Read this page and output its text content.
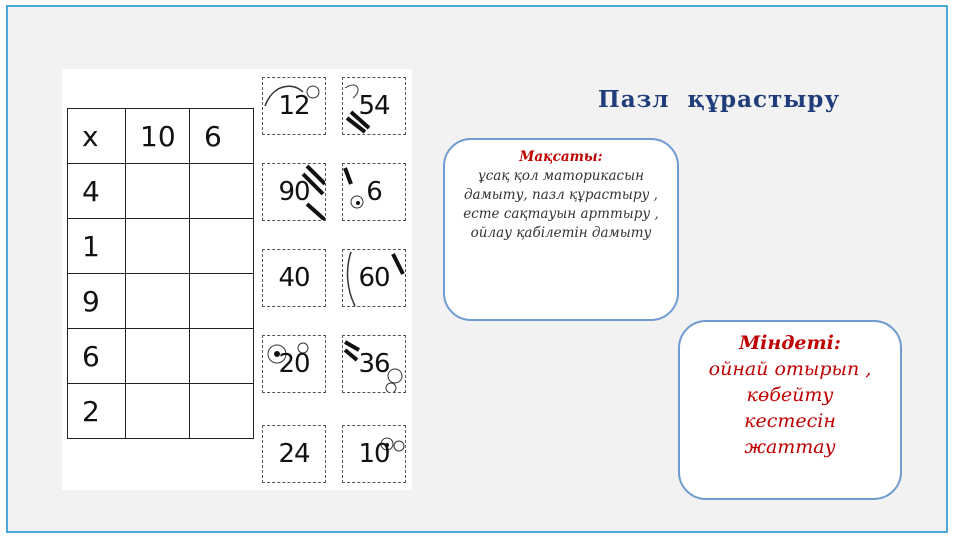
x	10	6
4		
1		
9		
6		
2		
12 54
90 6
40 60
20 36
24 10
Пазл  құрастыру
Мақсаты:
ұсақ қол маторикасын дамыту, пазл құрастыру , есте сақтауын арттыру , ойлау қабілетін дамыту
Міндеті:
ойнай отырып , көбейту кестесін жаттау
